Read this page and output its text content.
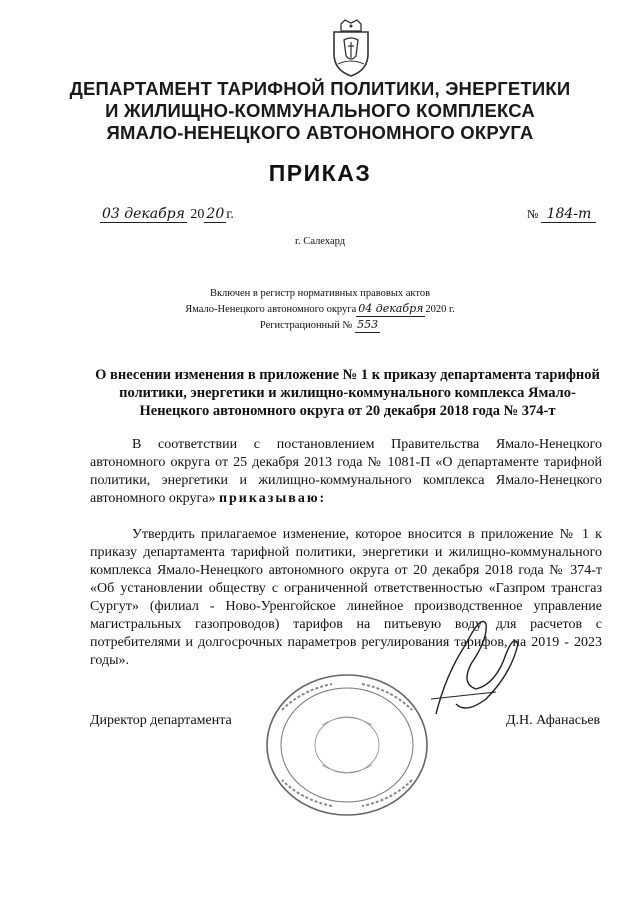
ДЕПАРТАМЕНТ ТАРИФНОЙ ПОЛИТИКИ, ЭНЕРГЕТИКИ
И ЖИЛИЩНО-КОММУНАЛЬНОГО КОМПЛЕКСА
ЯМАЛО-НЕНЕЦКОГО АВТОНОМНОГО ОКРУГА
ПРИКАЗ
03 декабря 20 20 г.	№ 184-т
г. Салехард
Включен в регистр нормативных правовых актов
Ямало-Ненецкого автономного округа 04 декабря 2020 г.
Регистрационный № 553
О внесении изменения в приложение № 1 к приказу департамента тарифной политики, энергетики и жилищно-коммунального комплекса Ямало-Ненецкого автономного округа от 20 декабря 2018 года № 374-т
В соответствии с постановлением Правительства Ямало-Ненецкого автономного округа от 25 декабря 2013 года № 1081-П «О департаменте тарифной политики, энергетики и жилищно-коммунального комплекса Ямало-Ненецкого автономного округа» приказываю:
Утвердить прилагаемое изменение, которое вносится в приложение № 1 к приказу департамента тарифной политики, энергетики и жилищно-коммунального комплекса Ямало-Ненецкого автономного округа от 20 декабря 2018 года № 374-т «Об установлении обществу с ограниченной ответственностью «Газпром трансгаз Сургут» (филиал - Ново-Уренгойское линейное производственное управление магистральных газопроводов) тарифов на питьевую воду для расчетов с потребителями и долгосрочных параметров регулирования тарифов, на 2019 - 2023 годы».
Директор департамента	Д.Н. Афанасьев
